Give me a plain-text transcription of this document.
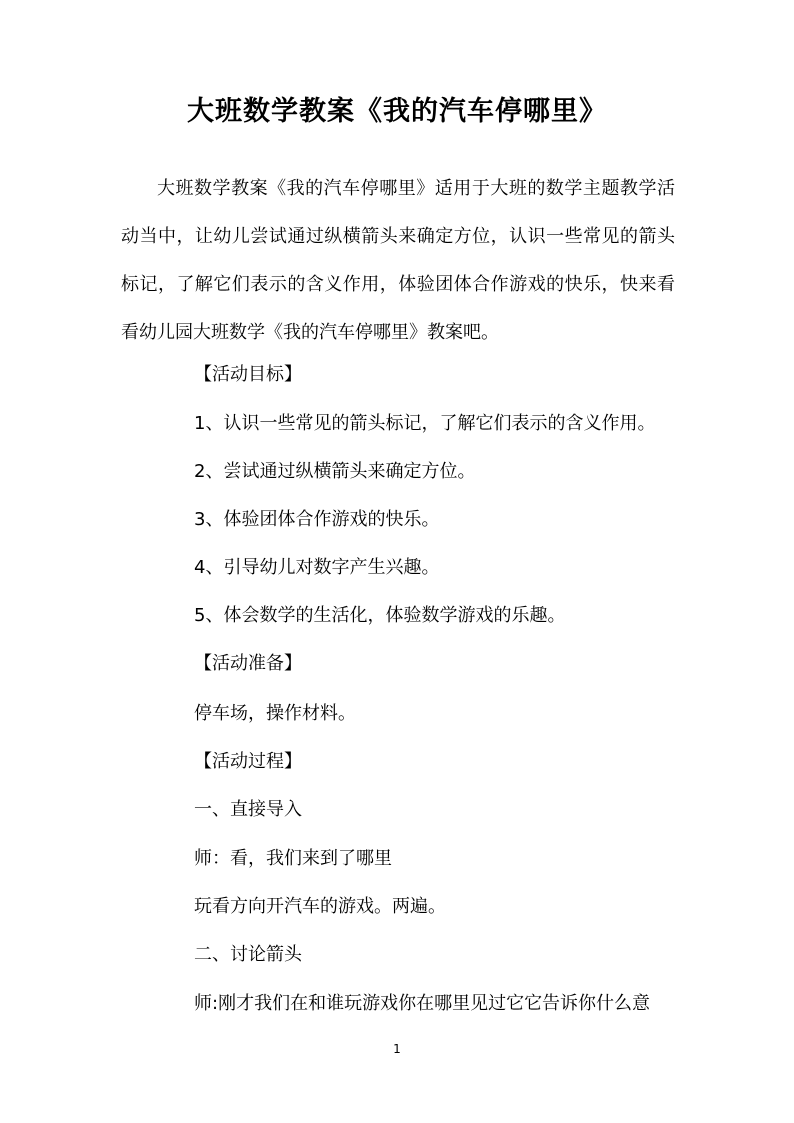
大班数学教案《我的汽车停哪里》

大班数学教案《我的汽车停哪里》适用于大班的数学主题教学活动当中，让幼儿尝试通过纵横箭头来确定方位，认识一些常见的箭头标记，了解它们表示的含义作用，体验团体合作游戏的快乐，快来看看幼儿园大班数学《我的汽车停哪里》教案吧。

【活动目标】

1、认识一些常见的箭头标记，了解它们表示的含义作用。

2、尝试通过纵横箭头来确定方位。

3、体验团体合作游戏的快乐。

4、引导幼儿对数字产生兴趣。

5、体会数学的生活化，体验数学游戏的乐趣。

【活动准备】

停车场，操作材料。

【活动过程】

一、直接导入

师：看，我们来到了哪里

玩看方向开汽车的游戏。两遍。

二、讨论箭头

师:刚才我们在和谁玩游戏你在哪里见过它它告诉你什么意

1
